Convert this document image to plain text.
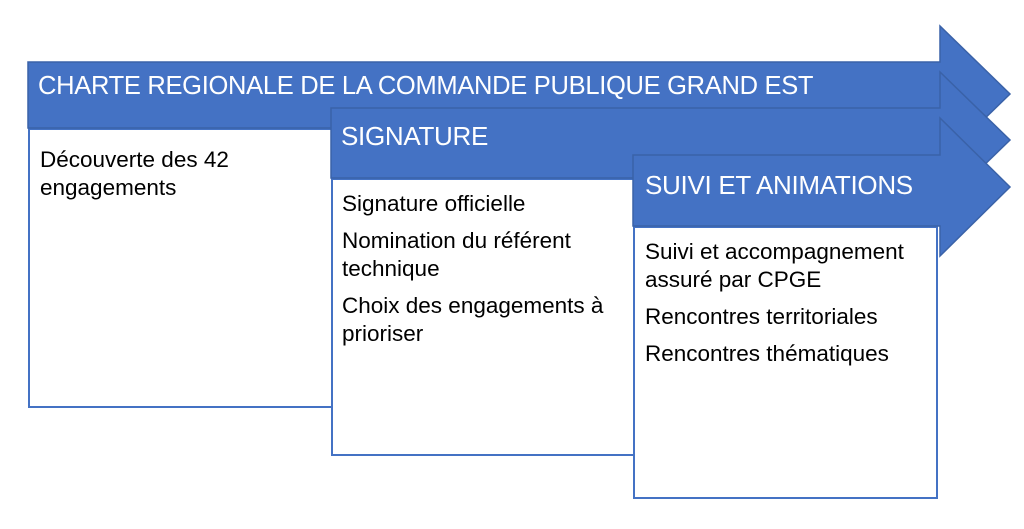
CHARTE REGIONALE DE LA COMMANDE PUBLIQUE GRAND EST
SIGNATURE
SUIVI ET ANIMATIONS
Découverte des 42 engagements
Signature officielle
Nomination du référent technique
Choix des engagements à prioriser
Suivi et accompagnement assuré par CPGE
Rencontres territoriales
Rencontres thématiques
